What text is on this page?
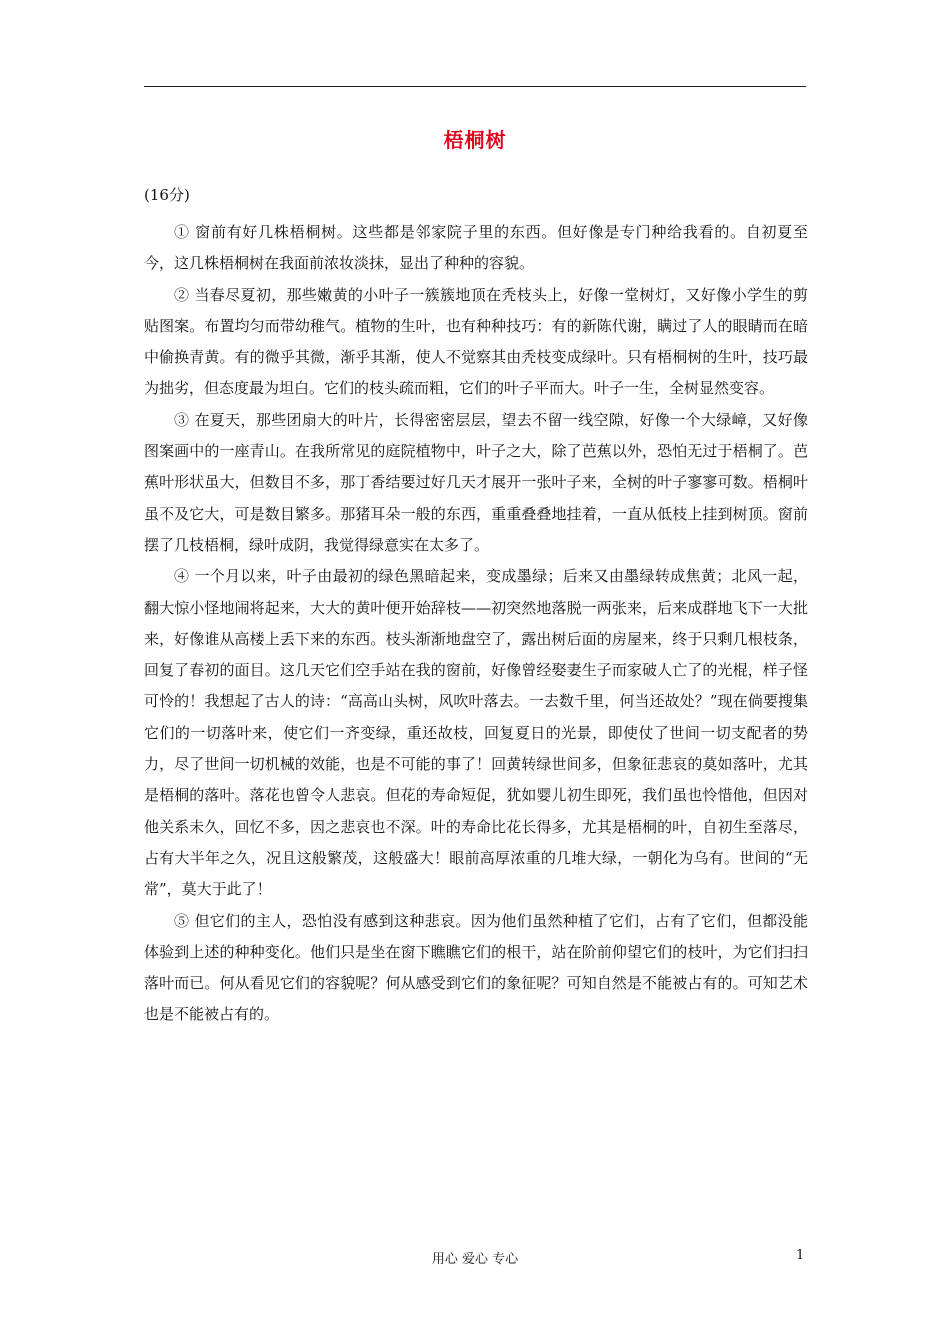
梧桐树
(16分)

① 窗前有好几株梧桐树。这些都是邻家院子里的东西。但好像是专门种给我看的。自初夏至今，这几株梧桐树在我面前浓妆淡抹，显出了种种的容貌。

② 当春尽夏初，那些嫩黄的小叶子一簇簇地顶在秃枝头上，好像一堂树灯，又好像小学生的剪贴图案。布置均匀而带幼稚气。植物的生叶，也有种种技巧：有的新陈代谢，瞒过了人的眼睛而在暗中偷换青黄。有的微乎其微，渐乎其渐，使人不觉察其由秃枝变成绿叶。只有梧桐树的生叶，技巧最为拙劣，但态度最为坦白。它们的枝头疏而粗，它们的叶子平而大。叶子一生，全树显然变容。

③ 在夏天，那些团扇大的叶片，长得密密层层，望去不留一线空隙，好像一个大绿嶂，又好像图案画中的一座青山。在我所常见的庭院植物中，叶子之大，除了芭蕉以外，恐怕无过于梧桐了。芭蕉叶形状虽大，但数目不多，那丁香结要过好几天才展开一张叶子来，全树的叶子寥寥可数。梧桐叶虽不及它大，可是数目繁多。那猪耳朵一般的东西，重重叠叠地挂着，一直从低枝上挂到树顶。窗前摆了几枝梧桐，绿叶成阴，我觉得绿意实在太多了。

④ 一个月以来，叶子由最初的绿色黑暗起来，变成墨绿；后来又由墨绿转成焦黄；北风一起，翻大惊小怪地闹将起来，大大的黄叶便开始辞枝——初突然地落脱一两张来，后来成群地飞下一大批来，好像谁从高楼上丢下来的东西。枝头渐渐地盘空了，露出树后面的房屋来，终于只剩几根枝条，回复了春初的面目。这几天它们空手站在我的窗前，好像曾经娶妻生子而家破人亡了的光棍，样子怪可怜的！我想起了古人的诗：“高高山头树，风吹叶落去。一去数千里，何当还故处？”现在倘要搜集它们的一切落叶来，使它们一齐变绿，重还故枝，回复夏日的光景，即使仗了世间一切支配者的势力，尽了世间一切机械的效能，也是不可能的事了！回黄转绿世间多，但象征悲哀的莫如落叶，尤其是梧桐的落叶。落花也曾令人悲哀。但花的寿命短促，犹如婴儿初生即死，我们虽也怜惜他，但因对他关系未久，回忆不多，因之悲哀也不深。叶的寿命比花长得多，尤其是梧桐的叶，自初生至落尽，占有大半年之久，况且这般繁茂，这般盛大！眼前高厚浓重的几堆大绿，一朝化为乌有。世间的“无常”，莫大于此了！

⑤ 但它们的主人，恐怕没有感到这种悲哀。因为他们虽然种植了它们，占有了它们，但都没能体验到上述的种种变化。他们只是坐在窗下瞧瞧它们的根干，站在阶前仰望它们的枝叶，为它们扫扫落叶而已。何从看见它们的容貌呢？何从感受到它们的象征呢？可知自然是不能被占有的。可知艺术也是不能被占有的。

用心 爱心 专心	1
